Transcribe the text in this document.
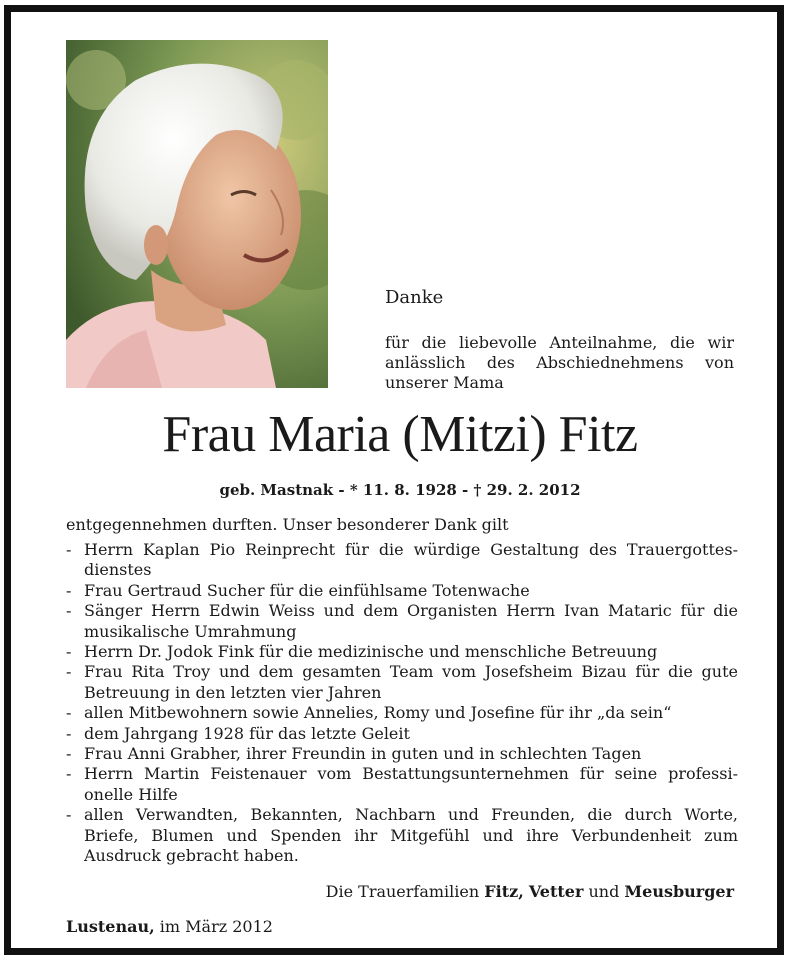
Danke
für die liebevolle Anteilnahme, die wir
anlässlich des Abschiednehmens von
unserer Mama
Frau Maria (Mitzi) Fitz
geb. Mastnak - * 11. 8. 1928 - † 29. 2. 2012
entgegennehmen durften. Unser besonderer Dank gilt
- Herrn Kaplan Pio Reinprecht für die würdige Gestaltung des Trauergottes-
dienstes
- Frau Gertraud Sucher für die einfühlsame Totenwache
- Sänger Herrn Edwin Weiss und dem Organisten Herrn Ivan Mataric für die
musikalische Umrahmung
- Herrn Dr. Jodok Fink für die medizinische und menschliche Betreuung
- Frau Rita Troy und dem gesamten Team vom Josefsheim Bizau für die gute
Betreuung in den letzten vier Jahren
- allen Mitbewohnern sowie Annelies, Romy und Josefine für ihr „da sein“
- dem Jahrgang 1928 für das letzte Geleit
- Frau Anni Grabher, ihrer Freundin in guten und in schlechten Tagen
- Herrn Martin Feistenauer vom Bestattungsunternehmen für seine professi-
onelle Hilfe
- allen Verwandten, Bekannten, Nachbarn und Freunden, die durch Worte,
Briefe, Blumen und Spenden ihr Mitgefühl und ihre Verbundenheit zum
Ausdruck gebracht haben.
Die Trauerfamilien Fitz, Vetter und Meusburger
Lustenau, im März 2012
